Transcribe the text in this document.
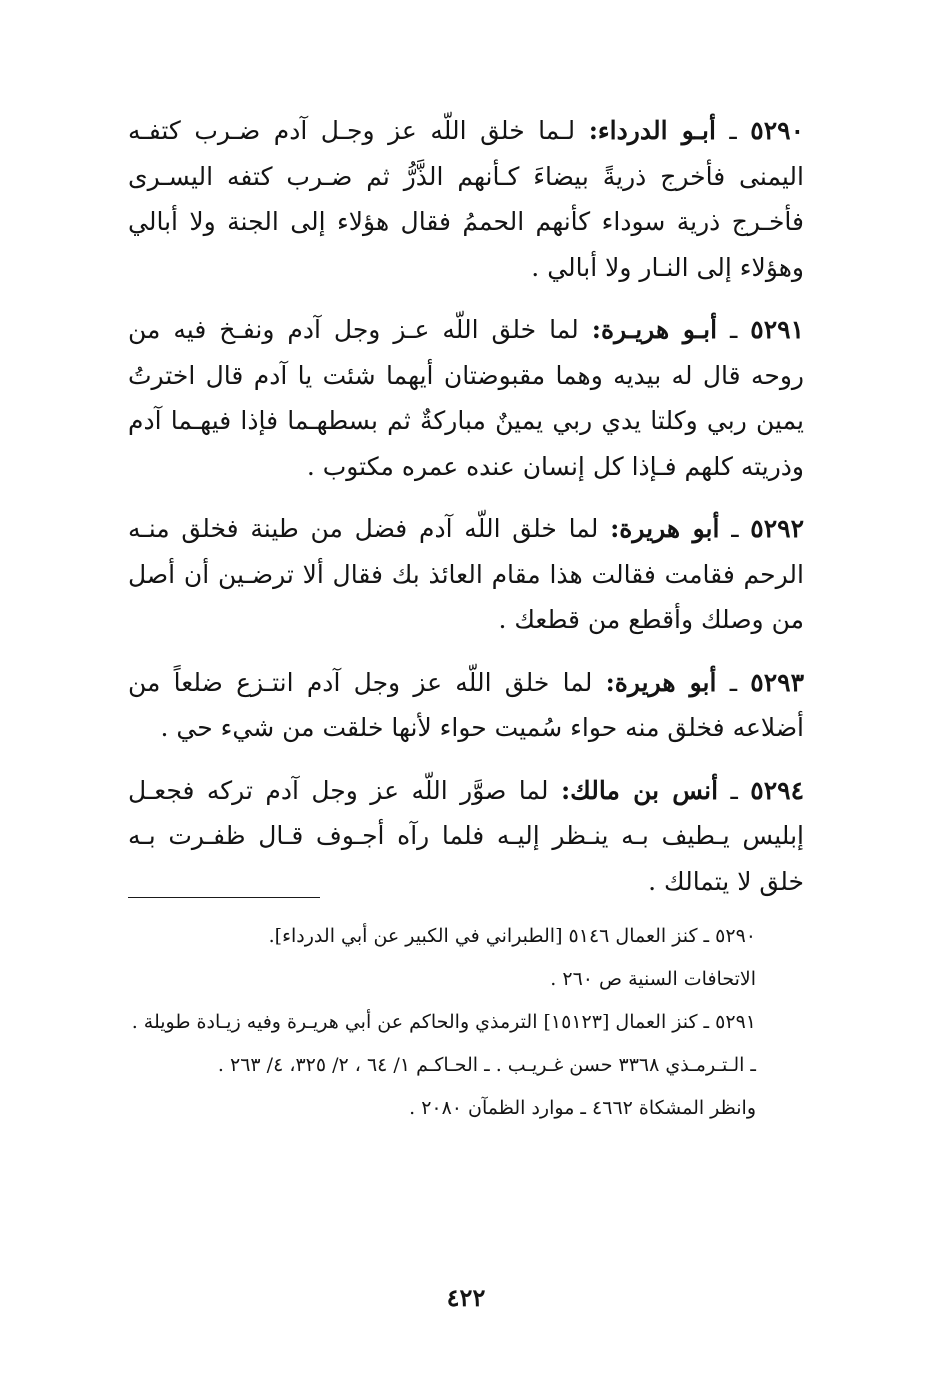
٥٢٩٠ ـ أبـو الدرداء: لـما خلق اللّه عز وجـل آدم ضـرب كتفـه اليمنى فأخرج ذريةً بيضاءَ كـأنهم الذَّرُّ ثم ضـرب كتفه اليسـرى فأخـرج ذرية سوداء كأنهم الحممُ فقال هؤلاء إلى الجنة ولا أبالي وهؤلاء إلى النـار ولا أبالي .

٥٢٩١ ـ أبـو هريـرة: لما خلق اللّه عـز وجل آدم ونفـخ فيه من روحه قال له بيديه وهما مقبوضتان أيهما شئت يا آدم قال اخترتُ يمين ربي وكلتا يدي ربي يمينٌ مباركةٌ ثم بسطهـما فإذا فيهـما آدم وذريته كلهم فـإذا كل إنسان عنده عمره مكتوب .

٥٢٩٢ ـ أبو هريرة: لما خلق اللّه آدم فضل من طينة فخلق منـه الرحم فقامت فقالت هذا مقام العائذ بك فقال ألا ترضـين أن أصل من وصلك وأقطع من قطعك .

٥٢٩٣ ـ أبو هريرة: لما خلق اللّه عز وجل آدم انتـزع ضلعاً من أضلاعه فخلق منه حواء سُميت حواء لأنها خلقت من شيء حي .

٥٢٩٤ ـ أنس بن مالك: لما صوَّر اللّه عز وجل آدم تركه فجعـل إبليس يـطيف بـه ينـظر إليـه فلما رآه أجـوف قـال ظفـرت بـه خلق لا يتمالك .

٥٢٩٠ ـ كنز العمال ٥١٤٦ [الطبراني في الكبير عن أبي الدرداء].

الاتحافات السنية ص ٢٦٠ .

٥٢٩١ ـ كنز العمال [١٥١٢٣] الترمذي والحاكم عن أبي هريـرة وفيه زيـادة طويلة .

ـ الـتـرمـذي ٣٣٦٨ حسن غـريـب . ـ الحـاكـم ١/ ٦٤ ، ٢/ ٣٢٥، ٤/ ٢٦٣ .

وانظر المشكاة ٤٦٦٢ ـ موارد الظمآن ٢٠٨٠ .

٤٢٢
